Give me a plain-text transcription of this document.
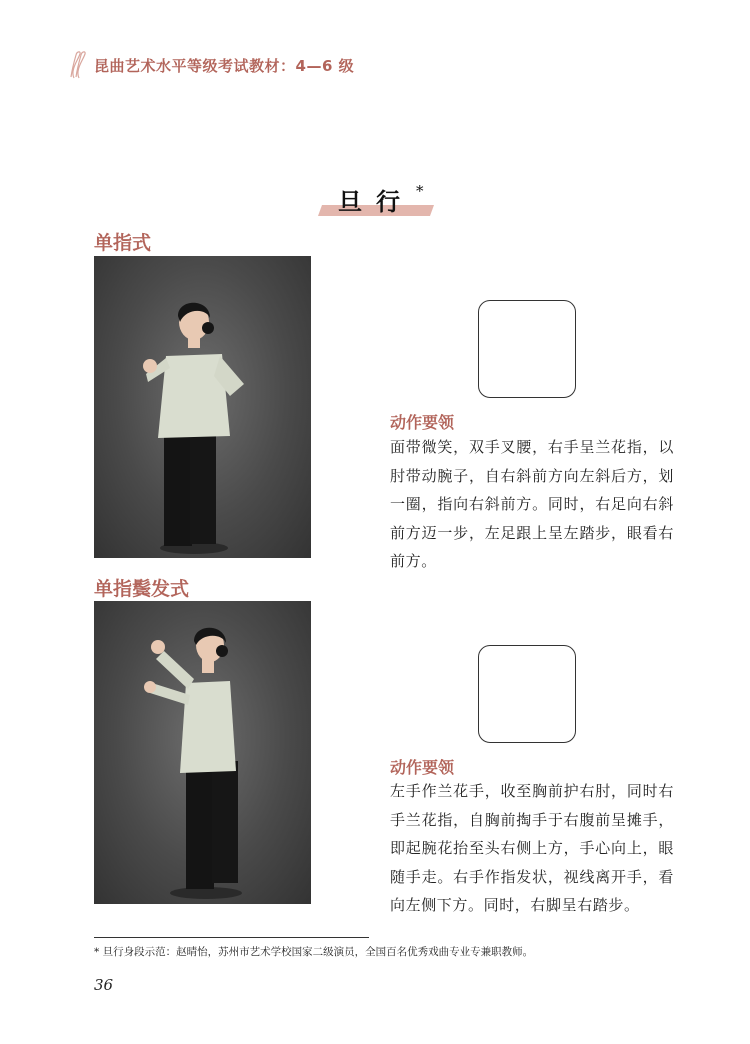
昆曲艺术水平等级考试教材：4—6 级
旦行 *
单指式
动作要领
面带微笑，双手叉腰，右手呈兰花指，以肘带动腕子，自右斜前方向左斜后方，划一圈，指向右斜前方。同时，右足向右斜前方迈一步，左足跟上呈左踏步，眼看右前方。
单指鬓发式
动作要领
左手作兰花手，收至胸前护右肘，同时右手兰花指，自胸前掏手于右腹前呈摊手，即起腕花抬至头右侧上方，手心向上，眼随手走。右手作指发状，视线离开手，看向左侧下方。同时，右脚呈右踏步。
* 旦行身段示范：赵晴怡，苏州市艺术学校国家二级演员，全国百名优秀戏曲专业专兼职教师。
36
